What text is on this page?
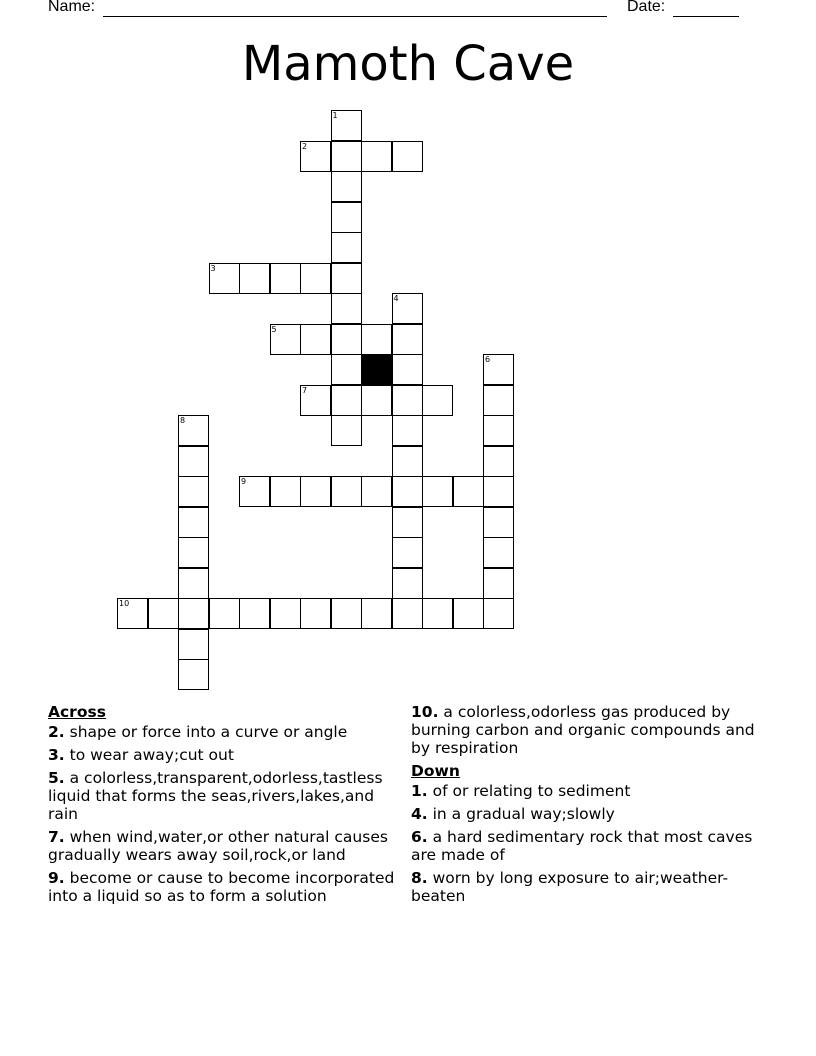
Name:	Date:
Mamoth Cave
1
2
3
4
5
6
7
8
9
10

Across

2. shape or force into a curve or angle

3. to wear away;cut out

5. a colorless,transparent,odorless,tastless liquid that forms the seas,rivers,lakes,and rain

7. when wind,water,or other natural causes gradually wears away soil,rock,or land

9. become or cause to become incorporated into a liquid so as to form a solution

10. a colorless,odorless gas produced by burning carbon and organic compounds and by respiration

Down

1. of or relating to sediment

4. in a gradual way;slowly

6. a hard sedimentary rock that most caves are made of

8. worn by long exposure to air;weather-beaten
